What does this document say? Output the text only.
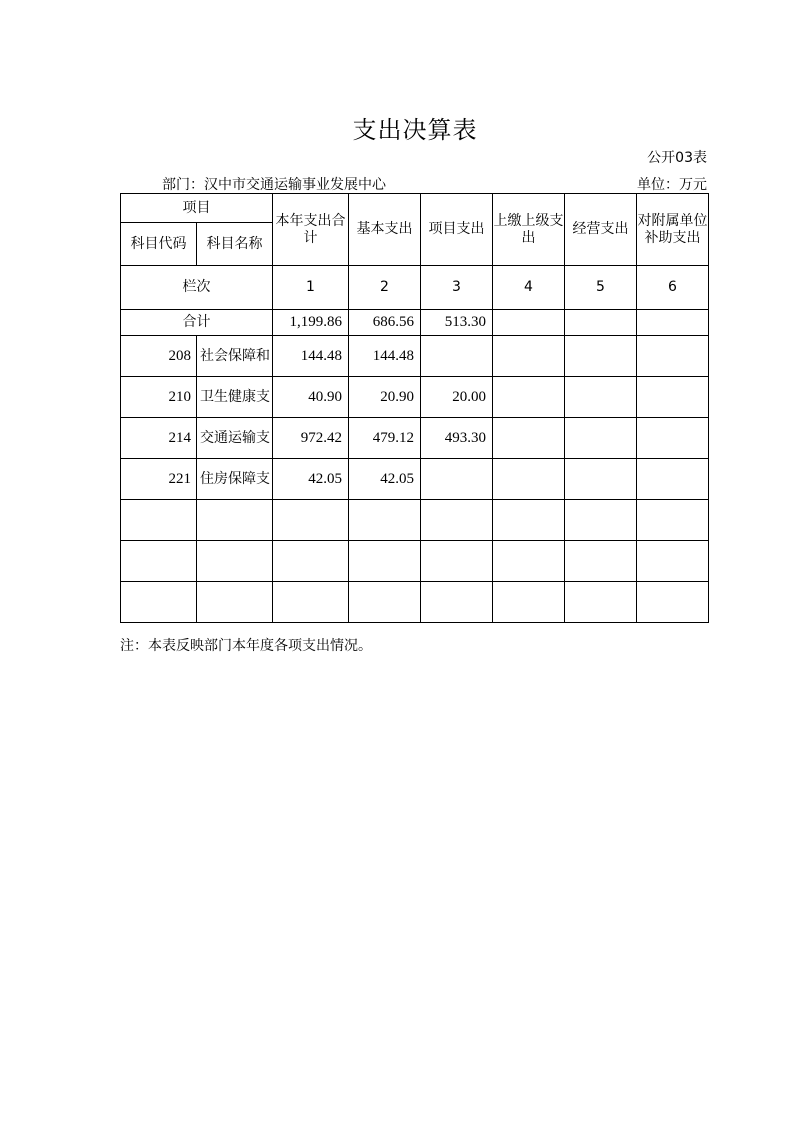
支出决算表
公开03表
部门：汉中市交通运输事业发展中心	单位：万元
项目		本年支出合计	基本支出	项目支出	上缴上级支出	经营支出	对附属单位补助支出
科目代码	科目名称						
栏次		1	2	3	4	5	6
合计		1,199.86	686.56	513.30			
208	社会保障和	144.48	144.48				
210	卫生健康支	40.90	20.90	20.00			
214	交通运输支	972.42	479.12	493.30			
221	住房保障支	42.05	42.05				

注：本表反映部门本年度各项支出情况。
